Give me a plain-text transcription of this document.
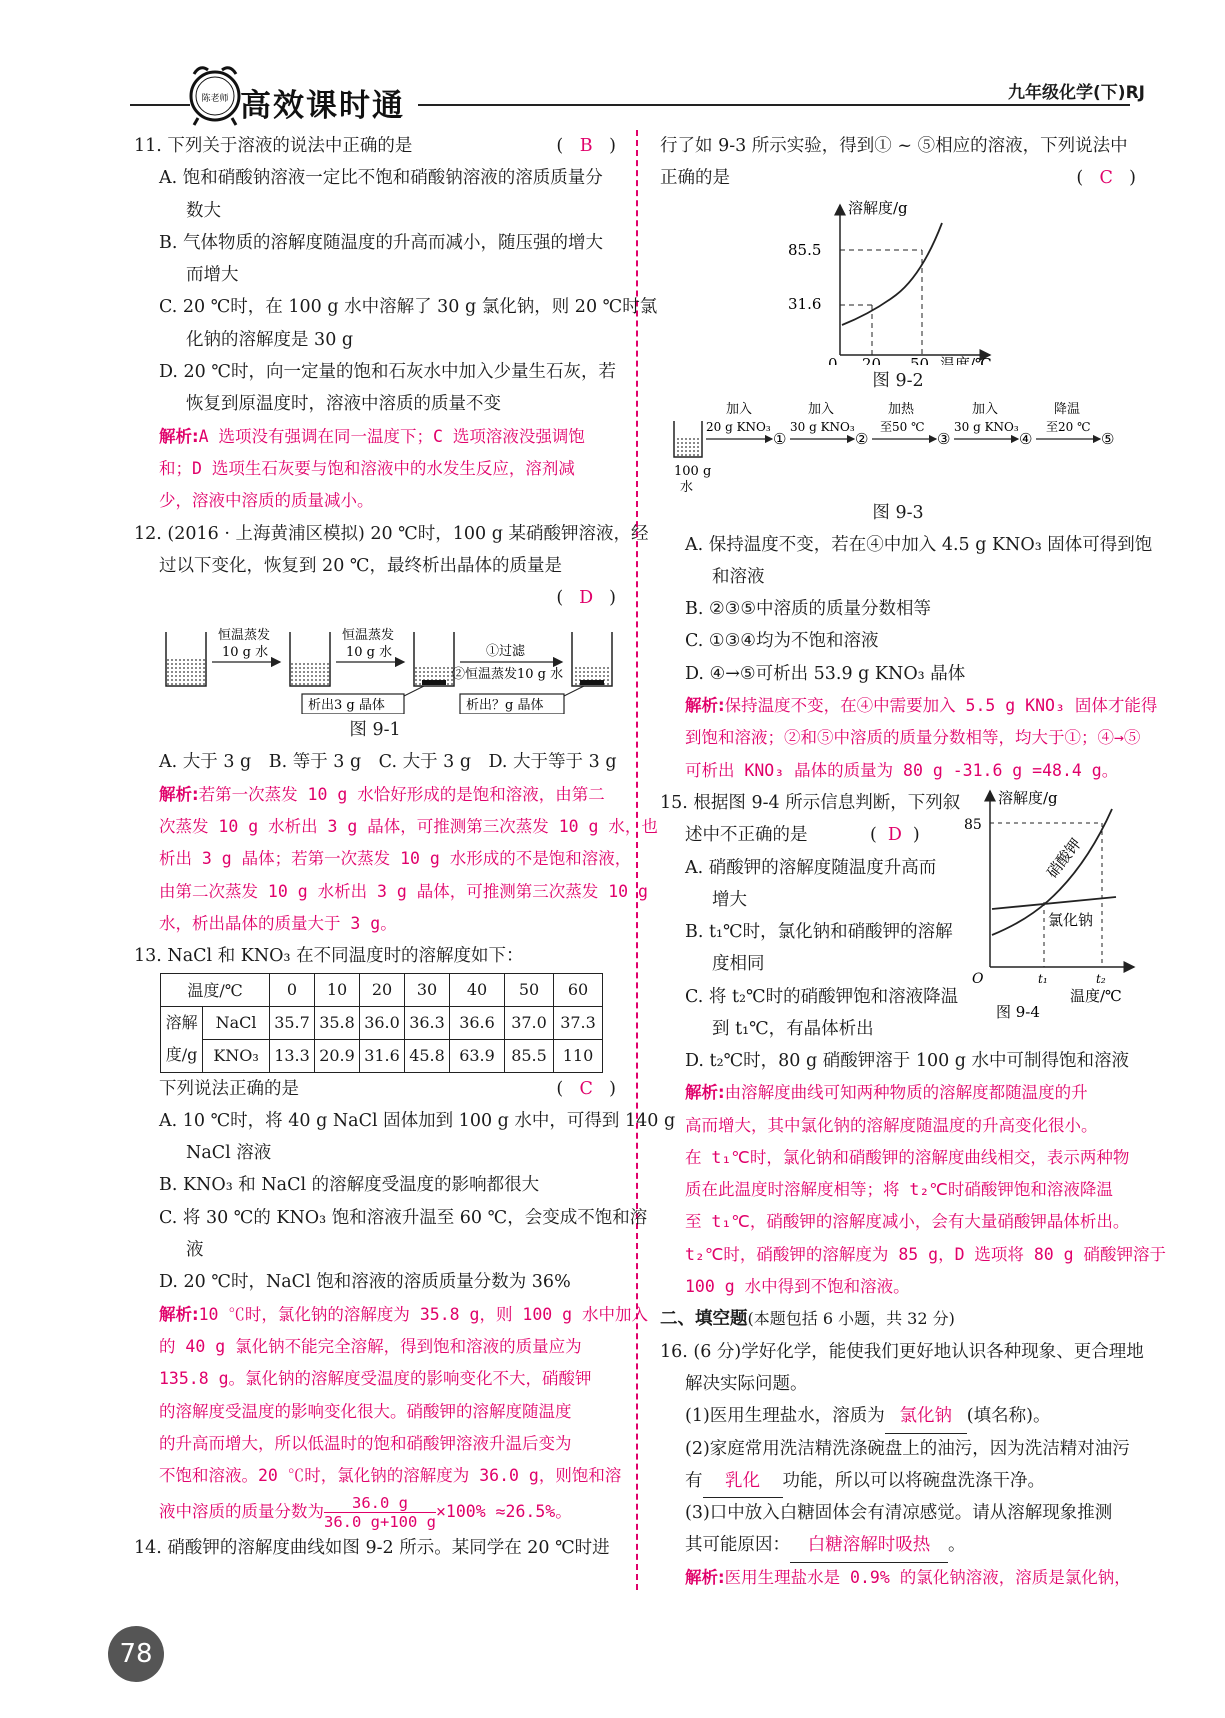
陈老师 高效课时通	九年级化学(下)RJ
11. 下列关于溶液的说法中正确的是	( B )
A. 饱和硝酸钠溶液一定比不饱和硝酸钠溶液的溶质质量分
数大
B. 气体物质的溶解度随温度的升高而减小，随压强的增大
而增大
C. 20 ℃时，在 100 g 水中溶解了 30 g 氯化钠，则 20 ℃时氯
化钠的溶解度是 30 g
D. 20 ℃时，向一定量的饱和石灰水中加入少量生石灰，若
恢复到原温度时，溶液中溶质的质量不变
解析:A 选项没有强调在同一温度下；C 选项溶液没强调饱
和；D 选项生石灰要与饱和溶液中的水发生反应，溶剂减
少，溶液中溶质的质量减小。
12. (2016 · 上海黄浦区模拟) 20 ℃时，100 g 某硝酸钾溶液，经
过以下变化，恢复到 20 ℃，最终析出晶体的质量是
( D )
恒温蒸发
10 g 水
恒温蒸发
10 g 水	①过滤
②恒温蒸发10 g 水
析出3 g 晶体	析出？g 晶体
图 9-1
A. 大于 3 g　B. 等于 3 g　C. 大于 3 g　D. 大于等于 3 g
解析:若第一次蒸发 10 g 水恰好形成的是饱和溶液，由第二
次蒸发 10 g 水析出 3 g 晶体，可推测第三次蒸发 10 g 水，也
析出 3 g 晶体；若第一次蒸发 10 g 水形成的不是饱和溶液，
由第二次蒸发 10 g 水析出 3 g 晶体，可推测第三次蒸发 10 g
水，析出晶体的质量大于 3 g。
13. NaCl 和 KNO₃ 在不同温度时的溶解度如下：
温度/℃		0	10	20	30	40	50	60
溶解
度/g	NaCl	35.7	35.8	36.0	36.3	36.6	37.0	37.3
	KNO₃	13.3	20.9	31.6	45.8	63.9	85.5	110
下列说法正确的是	( C )
A. 10 ℃时，将 40 g NaCl 固体加到 100 g 水中，可得到 140 g
NaCl 溶液
B. KNO₃ 和 NaCl 的溶解度受温度的影响都很大
C. 将 30 ℃的 KNO₃ 饱和溶液升温至 60 ℃，会变成不饱和溶
液
D. 20 ℃时，NaCl 饱和溶液的溶质质量分数为 36%
解析:10 ℃时，氯化钠的溶解度为 35.8 g，则 100 g 水中加入
的 40 g 氯化钠不能完全溶解，得到饱和溶液的质量应为
135.8 g。氯化钠的溶解度受温度的影响变化不大，硝酸钾
的溶解度受温度的影响变化很大。硝酸钾的溶解度随温度
的升高而增大，所以低温时的饱和硝酸钾溶液升温后变为
不饱和溶液。20 ℃时，氯化钠的溶解度为 36.0 g，则饱和溶
液中溶质的质量分数为 $\frac{36.0 g}{36.0 g+100 g} \times 100\% \approx 26.5\%$。
14. 硝酸钾的溶解度曲线如图 9-2 所示。某同学在 20 ℃时进
行了如 9-3 所示实验，得到① ~ ⑤相应的溶液，下列说法中
正确的是	( C )
溶解度/g
85.5
31.6
0 20 50 温度/℃
图 9-2
100 g
水
加入
20 g KNO₃
①
加入
30 g KNO₃
②
加热
至50 ℃
③
加入
30 g KNO₃
④
降温
至20 ℃
⑤
图 9-3
A. 保持温度不变，若在④中加入 4.5 g KNO₃ 固体可得到饱
和溶液
B. ②③⑤中溶质的质量分数相等
C. ①③④均为不饱和溶液
D. ④→⑤可析出 53.9 g KNO₃ 晶体
解析:保持温度不变，在④中需要加入 5.5 g KNO₃ 固体才能得
到饱和溶液；②和⑤中溶质的质量分数相等，均大于①；④→⑤
可析出 KNO₃ 晶体的质量为 80 g -31.6 g =48.4 g。
15. 根据图 9-4 所示信息判断，下列叙
述中不正确的是	( D )
A. 硝酸钾的溶解度随温度升高而
增大
B. t₁℃时，氯化钠和硝酸钾的溶解
度相同
C. 将 t₂℃时的硝酸钾饱和溶液降温
到 t₁℃，有晶体析出
溶解度/g
85
O	t₁	t₂
温度/℃
硝酸钾
氯化钠
图 9-4
D. t₂℃时，80 g 硝酸钾溶于 100 g 水中可制得饱和溶液
解析:由溶解度曲线可知两种物质的溶解度都随温度的升
高而增大，其中氯化钠的溶解度随温度的升高变化很小。
在 t₁℃时，氯化钠和硝酸钾的溶解度曲线相交，表示两种物
质在此温度时溶解度相等；将 t₂℃时硝酸钾饱和溶液降温
至 t₁℃，硝酸钾的溶解度减小，会有大量硝酸钾晶体析出。
t₂℃时，硝酸钾的溶解度为 85 g，D 选项将 80 g 硝酸钾溶于
100 g 水中得到不饱和溶液。
二、填空题(本题包括 6 小题，共 32 分)
16. (6 分)学好化学，能使我们更好地认识各种现象、更合理地
解决实际问题。
(1)医用生理盐水，溶质为 氯化钠 (填名称)。
(2)家庭常用洗洁精洗涤碗盘上的油污，因为洗洁精对油污
有 乳化 功能，所以可以将碗盘洗涤干净。
(3)口中放入白糖固体会有清凉感觉。请从溶解现象推测
其可能原因： 白糖溶解时吸热 。
解析:医用生理盐水是 0.9% 的氯化钠溶液，溶质是氯化钠，
78
